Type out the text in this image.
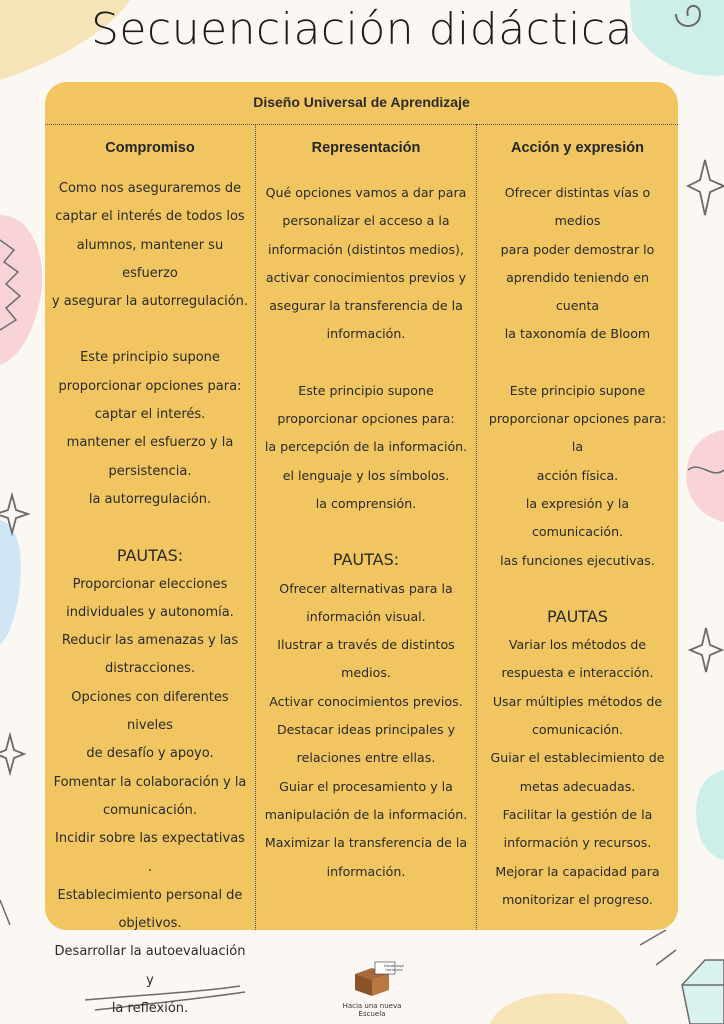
Secuenciación didáctica
Diseño Universal de Aprendizaje
Compromiso
Como nos aseguraremos de
captar el interés de todos los
alumnos, mantener su esfuerzo
y asegurar la autorregulación.
Este principio supone
proporcionar opciones para:
captar el interés.
mantener el esfuerzo y la
persistencia.
la autorregulación.
PAUTAS:
Proporcionar elecciones
individuales y autonomía.
Reducir las amenazas y las
distracciones.
Opciones con diferentes niveles
de desafío y apoyo.
Fomentar la colaboración y la
comunicación.
Incidir sobre las expectativas .
Establecimiento personal de
objetivos.
Desarrollar la autoevaluación y
la reflexión.
Representación
Qué opciones vamos a dar para
personalizar el acceso a la
información (distintos medios),
activar conocimientos previos y
asegurar la transferencia de la
información.
Este principio supone
proporcionar opciones para:
la percepción de la información.
el lenguaje y los símbolos.
la comprensión.
PAUTAS:
Ofrecer alternativas para la
información visual.
Ilustrar a través de distintos
medios.
Activar conocimientos previos.
Destacar ideas principales y
relaciones entre ellas.
Guiar el procesamiento y la
manipulación de la información.
Maximizar la transferencia de la
información.
Acción y expresión
Ofrecer distintas vías o medios
para poder demostrar lo
aprendido teniendo en cuenta
la taxonomía de Bloom
Este principio supone
proporcionar opciones para: la
acción física.
la expresión y la comunicación.
las funciones ejecutivas.
PAUTAS
Variar los métodos de
respuesta e interacción.
Usar múltiples métodos de
comunicación.
Guiar el establecimiento de
metas adecuadas.
Facilitar la gestión de la
información y recursos.
Mejorar la capacidad para
monitorizar el progreso.
Desde aquí hacia una
Hacia una nueva
Escuela
